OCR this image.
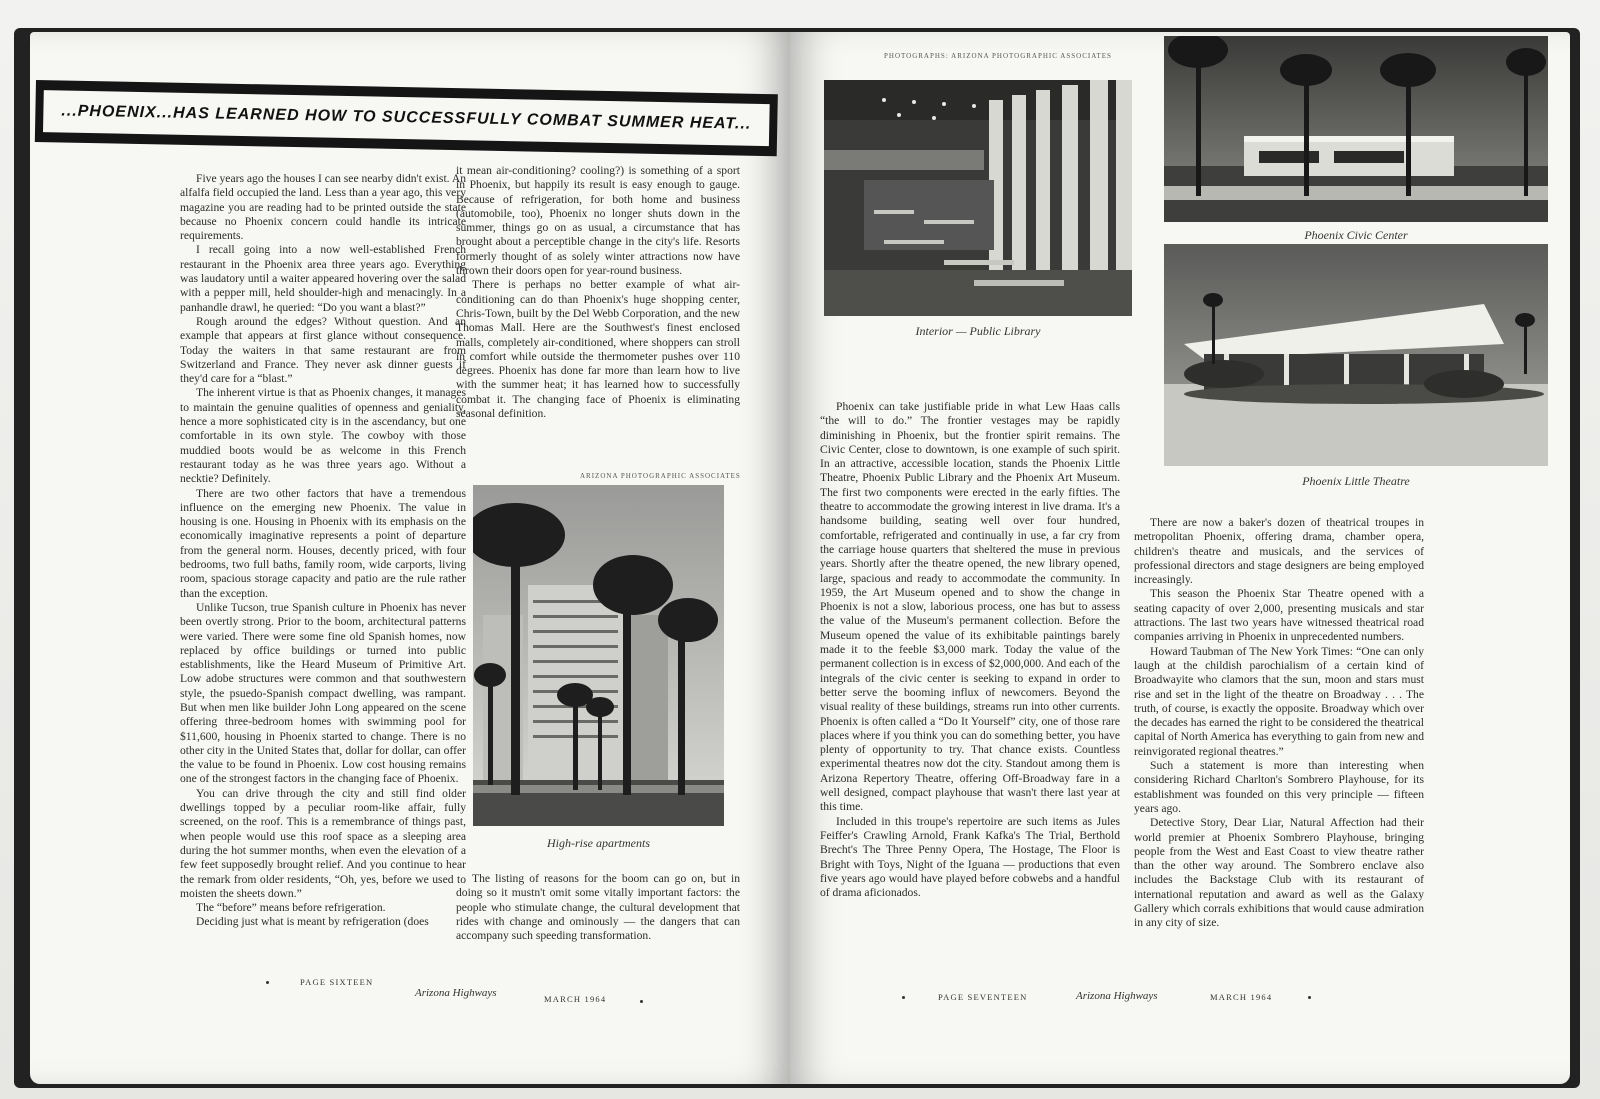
...PHOENIX...HAS LEARNED HOW TO SUCCESSFULLY COMBAT SUMMER HEAT...

Five years ago the houses I can see nearby didn't exist. An alfalfa field occupied the land. Less than a year ago, this very magazine you are reading had to be printed outside the state because no Phoenix concern could handle its intricate requirements.

I recall going into a now well-established French restaurant in the Phoenix area three years ago. Everything was laudatory until a waiter appeared hovering over the salad with a pepper mill, held shoulder-high and menacingly. In a panhandle drawl, he queried: “Do you want a blast?”

Rough around the edges? Without question. And an example that appears at first glance without consequence. Today the waiters in that same restaurant are from Switzerland and France. They never ask dinner guests if they'd care for a “blast.”

The inherent virtue is that as Phoenix changes, it manages to maintain the genuine qualities of openness and geniality, hence a more sophisticated city is in the ascendancy, but one comfortable in its own style. The cowboy with those muddied boots would be as welcome in this French restaurant today as he was three years ago. Without a necktie? Definitely.

There are two other factors that have a tremendous influence on the emerging new Phoenix. The value in housing is one. Housing in Phoenix with its emphasis on the economically imaginative represents a point of departure from the general norm. Houses, decently priced, with four bedrooms, two full baths, family room, wide carports, living room, spacious storage capacity and patio are the rule rather than the exception.

Unlike Tucson, true Spanish culture in Phoenix has never been overtly strong. Prior to the boom, architectural patterns were varied. There were some fine old Spanish homes, now replaced by office buildings or turned into public establishments, like the Heard Museum of Primitive Art. Low adobe structures were common and that southwestern style, the psuedo-Spanish compact dwelling, was rampant. But when men like builder John Long appeared on the scene offering three-bedroom homes with swimming pool for $11,600, housing in Phoenix started to change. There is no other city in the United States that, dollar for dollar, can offer the value to be found in Phoenix. Low cost housing remains one of the strongest factors in the changing face of Phoenix.

You can drive through the city and still find older dwellings topped by a peculiar room-like affair, fully screened, on the roof. This is a remembrance of things past, when people would use this roof space as a sleeping area during the hot summer months, when even the elevation of a few feet supposedly brought relief. And you continue to hear the remark from older residents, “Oh, yes, before we used to moisten the sheets down.”

The “before” means before refrigeration.

Deciding just what is meant by refrigeration (does

it mean air-conditioning? cooling?) is something of a sport in Phoenix, but happily its result is easy enough to gauge. Because of refrigeration, for both home and business (automobile, too), Phoenix no longer shuts down in the summer, things go on as usual, a circumstance that has brought about a perceptible change in the city's life. Resorts formerly thought of as solely winter attractions now have thrown their doors open for year-round business.

There is perhaps no better example of what air-conditioning can do than Phoenix's huge shopping center, Chris-Town, built by the Del Webb Corporation, and the new Thomas Mall. Here are the Southwest's finest enclosed malls, completely air-conditioned, where shoppers can stroll in comfort while outside the thermometer pushes over 110 degrees. Phoenix has done far more than learn how to live with the summer heat; it has learned how to successfully combat it. The changing face of Phoenix is eliminating seasonal definition.

ARIZONA PHOTOGRAPHIC ASSOCIATES
High-rise apartments

The listing of reasons for the boom can go on, but in doing so it mustn't omit some vitally important factors: the people who stimulate change, the cultural development that rides with change and ominously — the dangers that can accompany such speeding transformation.

PAGE SIXTEEN
Arizona Highways	MARCH 1964
PHOTOGRAPHS: ARIZONA PHOTOGRAPHIC ASSOCIATES
Interior — Public Library
Phoenix Civic Center
Phoenix Little Theatre

Phoenix can take justifiable pride in what Lew Haas calls “the will to do.” The frontier vestages may be rapidly diminishing in Phoenix, but the frontier spirit remains. The Civic Center, close to downtown, is one example of such spirit. In an attractive, accessible location, stands the Phoenix Little Theatre, Phoenix Public Library and the Phoenix Art Museum. The first two components were erected in the early fifties. The theatre to accommodate the growing interest in live drama. It's a handsome building, seating well over four hundred, comfortable, refrigerated and continually in use, a far cry from the carriage house quarters that sheltered the muse in previous years. Shortly after the theatre opened, the new library opened, large, spacious and ready to accommodate the community. In 1959, the Art Museum opened and to show the change in Phoenix is not a slow, laborious process, one has but to assess the value of the Museum's permanent collection. Before the Museum opened the value of its exhibitable paintings barely made it to the feeble $3,000 mark. Today the value of the permanent collection is in excess of $2,000,000. And each of the integrals of the civic center is seeking to expand in order to better serve the booming influx of newcomers. Beyond the visual reality of these buildings, streams run into other currents. Phoenix is often called a “Do It Yourself” city, one of those rare places where if you think you can do something better, you have plenty of opportunity to try. That chance exists. Countless experimental theatres now dot the city. Standout among them is Arizona Repertory Theatre, offering Off-Broadway fare in a well designed, compact playhouse that wasn't there last year at this time.

Included in this troupe's repertoire are such items as Jules Feiffer's Crawling Arnold, Frank Kafka's The Trial, Berthold Brecht's The Three Penny Opera, The Hostage, The Floor is Bright with Toys, Night of the Iguana — productions that even five years ago would have played before cobwebs and a handful of drama aficionados.

There are now a baker's dozen of theatrical troupes in metropolitan Phoenix, offering drama, chamber opera, children's theatre and musicals, and the services of professional directors and stage designers are being employed increasingly.

This season the Phoenix Star Theatre opened with a seating capacity of over 2,000, presenting musicals and star attractions. The last two years have witnessed theatrical road companies arriving in Phoenix in unprecedented numbers.

Howard Taubman of The New York Times: “One can only laugh at the childish parochialism of a certain kind of Broadwayite who clamors that the sun, moon and stars must rise and set in the light of the theatre on Broadway . . . The truth, of course, is exactly the opposite. Broadway which over the decades has earned the right to be considered the theatrical capital of North America has everything to gain from new and reinvigorated regional theatres.”

Such a statement is more than interesting when considering Richard Charlton's Sombrero Playhouse, for its establishment was founded on this very principle — fifteen years ago.

Detective Story, Dear Liar, Natural Affection had their world premier at Phoenix Sombrero Playhouse, bringing people from the West and East Coast to view theatre rather than the other way around. The Sombrero enclave also includes the Backstage Club with its restaurant of international reputation and award as well as the Galaxy Gallery which corrals exhibitions that would cause admiration in any city of size.

PAGE SEVENTEEN	Arizona Highways	MARCH 1964
